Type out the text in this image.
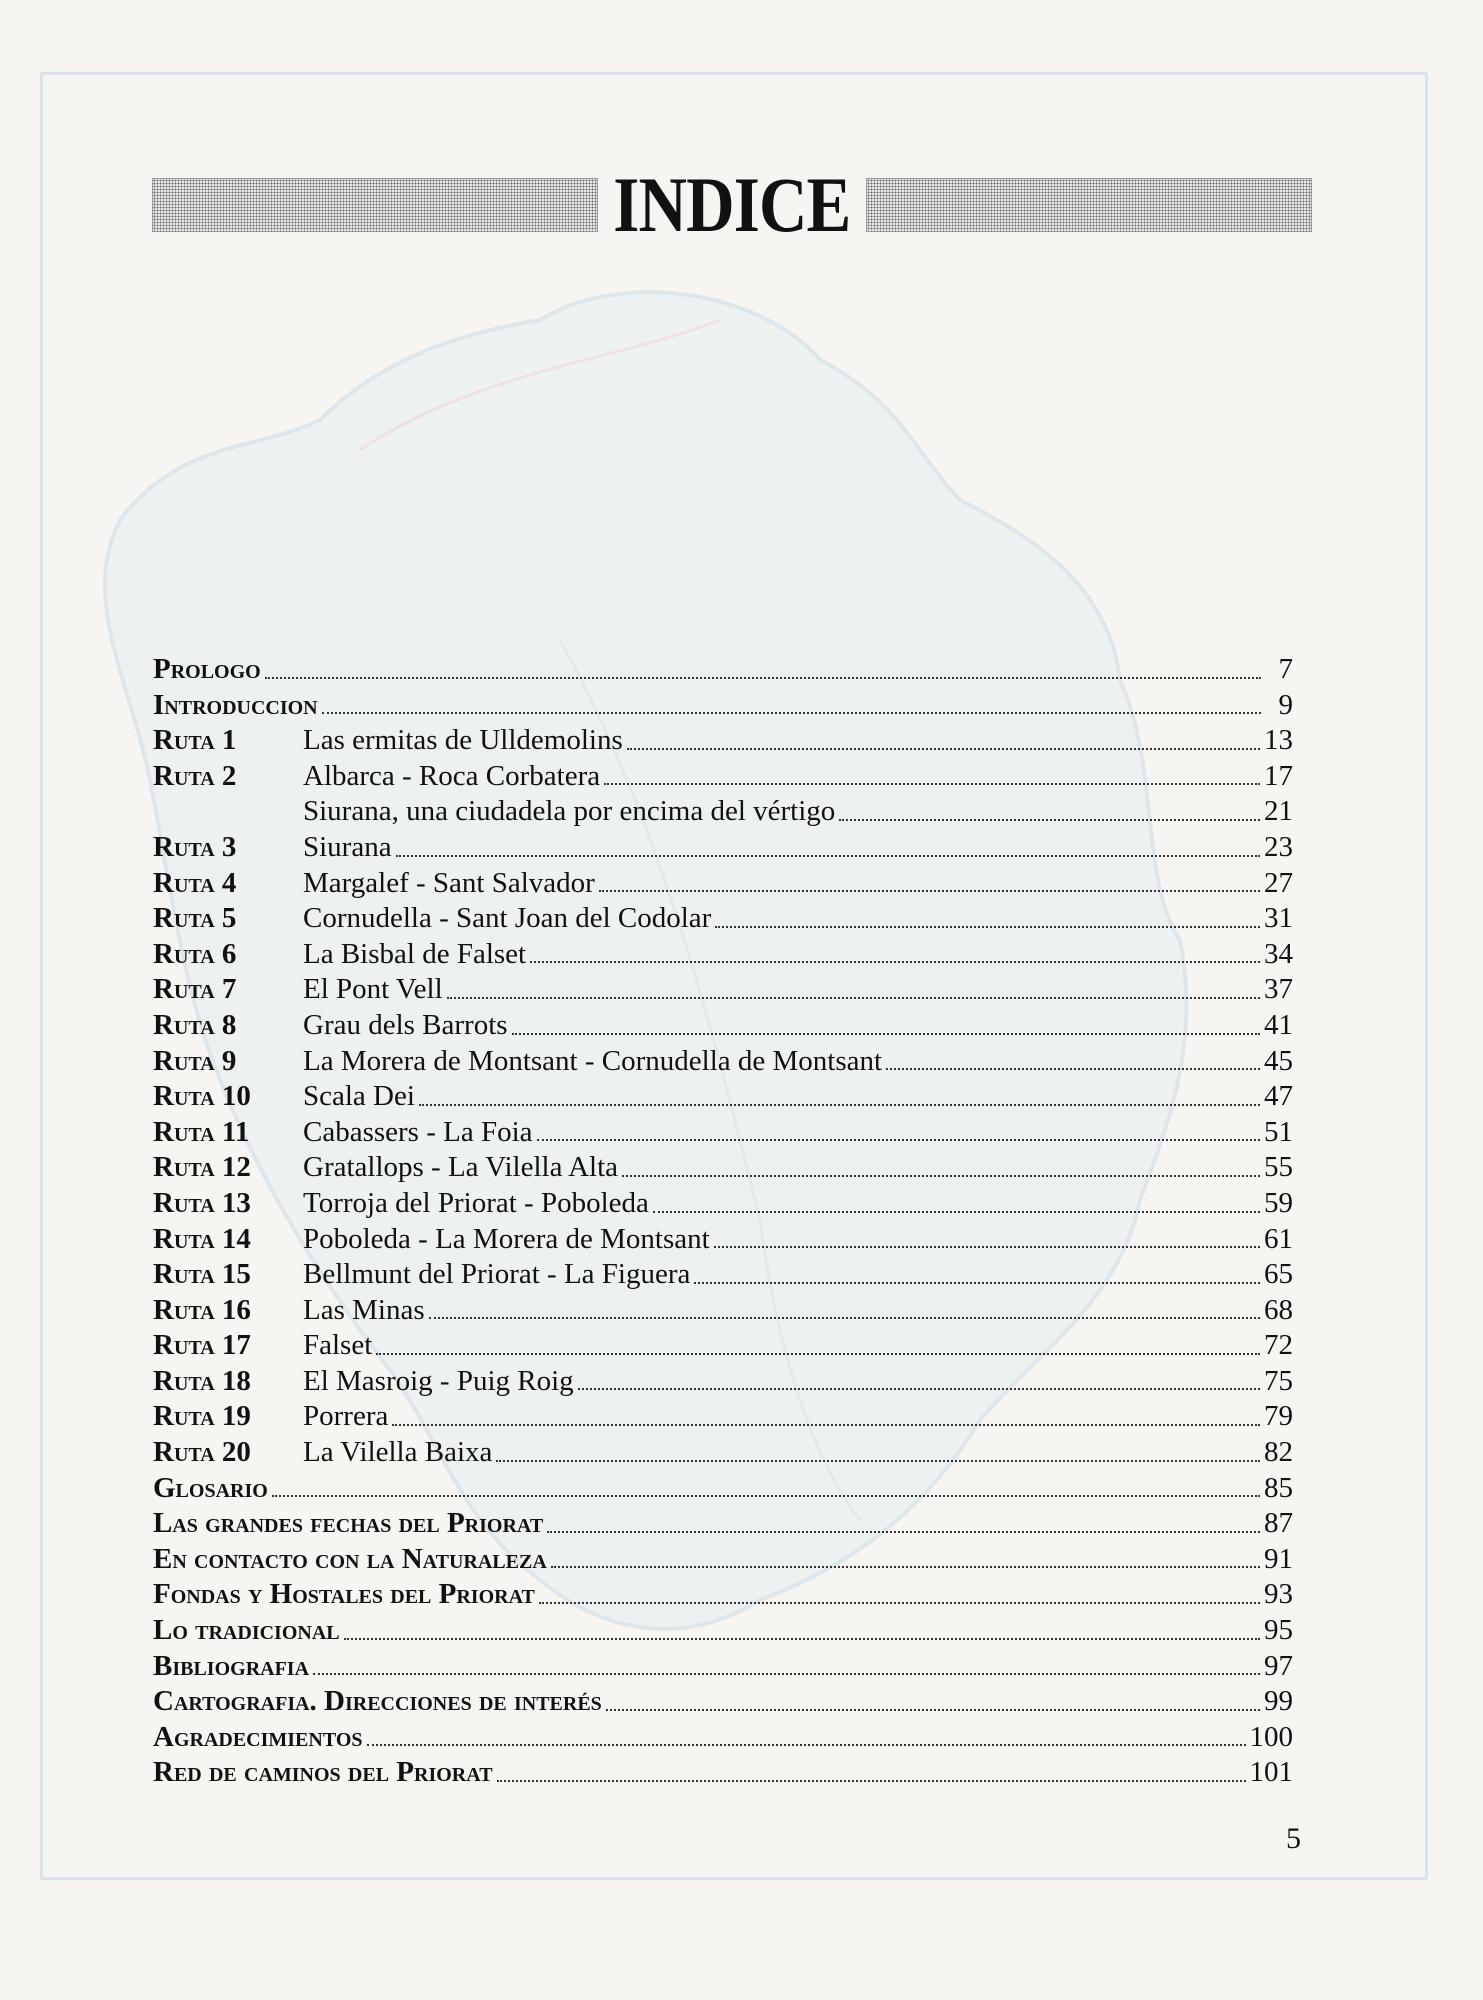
INDICE
Prologo	7
Introduccion	9
Ruta 1	Las ermitas de Ulldemolins	13
Ruta 2	Albarca - Roca Corbatera	17
Siurana, una ciudadela por encima del vértigo	21
Ruta 3	Siurana	23
Ruta 4	Margalef - Sant Salvador	27
Ruta 5	Cornudella - Sant Joan del Codolar	31
Ruta 6	La Bisbal de Falset	34
Ruta 7	El Pont Vell	37
Ruta 8	Grau dels Barrots	41
Ruta 9	La Morera de Montsant - Cornudella de Montsant	45
Ruta 10	Scala Dei	47
Ruta 11	Cabassers - La Foia	51
Ruta 12	Gratallops - La Vilella Alta	55
Ruta 13	Torroja del Priorat - Poboleda	59
Ruta 14	Poboleda - La Morera de Montsant	61
Ruta 15	Bellmunt del Priorat - La Figuera	65
Ruta 16	Las Minas	68
Ruta 17	Falset	72
Ruta 18	El Masroig - Puig Roig	75
Ruta 19	Porrera	79
Ruta 20	La Vilella Baixa	82
Glosario	85
Las grandes fechas del Priorat	87
En contacto con la Naturaleza	91
Fondas y Hostales del Priorat	93
Lo tradicional	95
Bibliografia	97
Cartografia. Direcciones de interés	99
Agradecimientos	100
Red de caminos del Priorat	101
5
